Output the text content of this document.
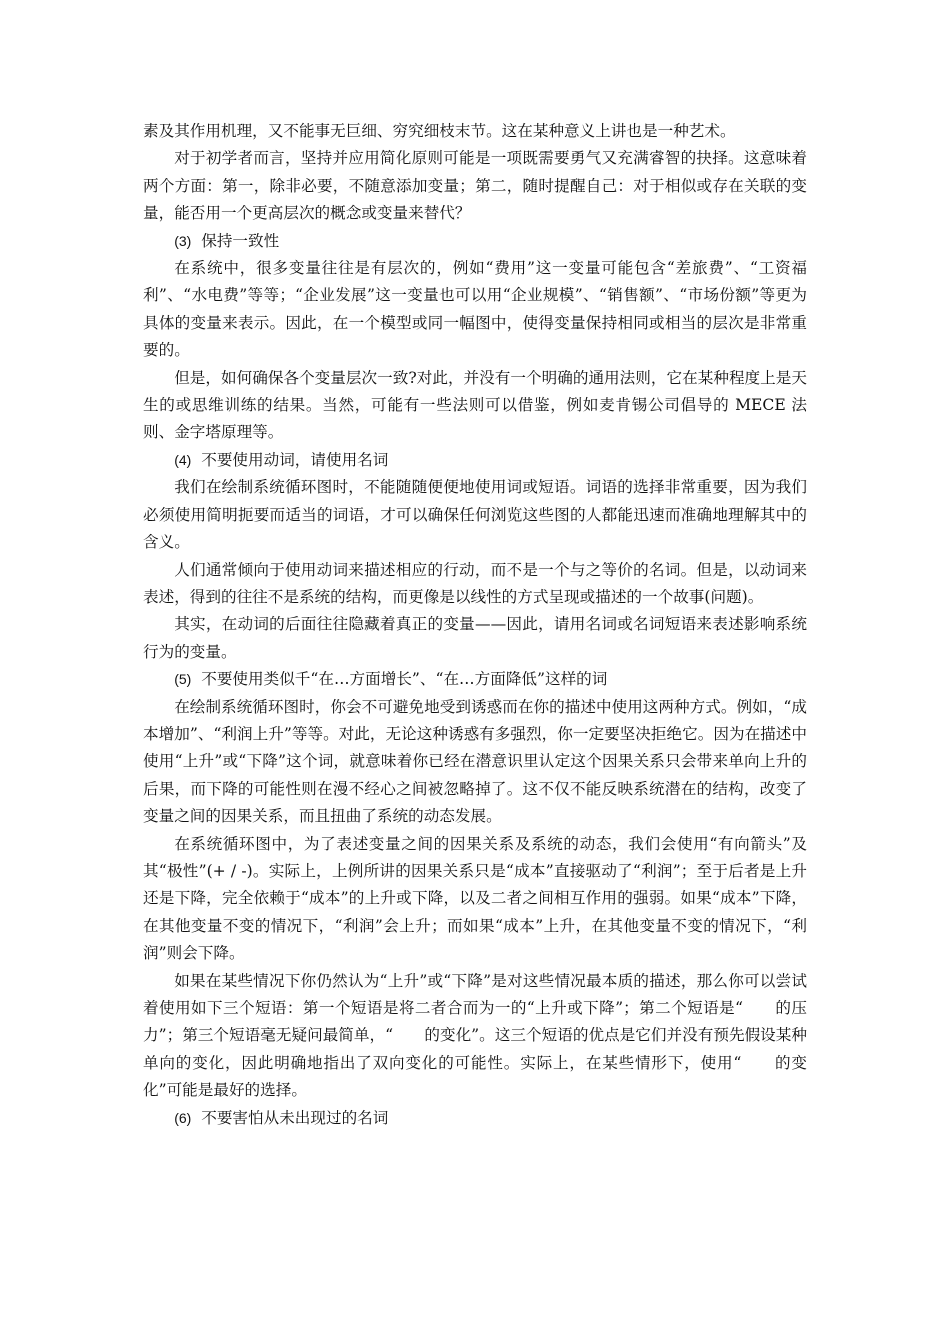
素及其作用机理，又不能事无巨细、穷究细枝末节。这在某种意义上讲也是一种艺术。

对于初学者而言，坚持并应用简化原则可能是一项既需要勇气又充满睿智的抉择。这意味着两个方面：第一，除非必要，不随意添加变量；第二，随时提醒自己：对于相似或存在关联的变量，能否用一个更高层次的概念或变量来替代？

(3) 保持一致性

在系统中，很多变量往往是有层次的，例如“费用”这一变量可能包含“差旅费”、“工资福利”、“水电费”等等；“企业发展”这一变量也可以用“企业规模”、“销售额”、“市场份额”等更为具体的变量来表示。因此，在一个模型或同一幅图中，使得变量保持相同或相当的层次是非常重要的。

但是，如何确保各个变量层次一致?对此，并没有一个明确的通用法则，它在某种程度上是天生的或思维训练的结果。当然，可能有一些法则可以借鉴，例如麦肯锡公司倡导的 MECE 法则、金字塔原理等。

(4) 不要使用动词，请使用名词

我们在绘制系统循环图时，不能随随便便地使用词或短语。词语的选择非常重要，因为我们必须使用简明扼要而适当的词语，才可以确保任何浏览这些图的人都能迅速而准确地理解其中的含义。

人们通常倾向于使用动词来描述相应的行动，而不是一个与之等价的名词。但是，以动词来表述，得到的往往不是系统的结构，而更像是以线性的方式呈现或描述的一个故事(问题)。

其实，在动词的后面往往隐藏着真正的变量——因此，请用名词或名词短语来表述影响系统行为的变量。

(5) 不要使用类似千“在…方面增长”、“在…方面降低”这样的词

在绘制系统循环图时，你会不可避免地受到诱惑而在你的描述中使用这两种方式。例如，“成本增加”、“利润上升”等等。对此，无论这种诱惑有多强烈，你一定要坚决拒绝它。因为在描述中使用“上升”或“下降”这个词，就意味着你已经在潜意识里认定这个因果关系只会带来单向上升的后果，而下降的可能性则在漫不经心之间被忽略掉了。这不仅不能反映系统潜在的结构，改变了变量之间的因果关系，而且扭曲了系统的动态发展。

在系统循环图中，为了表述变量之间的因果关系及系统的动态，我们会使用“有向箭头”及其“极性”(+ / -)。实际上，上例所讲的因果关系只是“成本”直接驱动了“利润”；至于后者是上升还是下降，完全依赖于“成本”的上升或下降，以及二者之间相互作用的强弱。如果“成本”下降，在其他变量不变的情况下，“利润”会上升；而如果“成本”上升，在其他变量不变的情况下，“利润”则会下降。

如果在某些情况下你仍然认为“上升”或“下降”是对这些情况最本质的描述，那么你可以尝试着使用如下三个短语：第一个短语是将二者合而为一的“上升或下降”；第二个短语是“　　的压力”；第三个短语毫无疑问最简单，“　　的变化”。这三个短语的优点是它们并没有预先假设某种单向的变化，因此明确地指出了双向变化的可能性。实际上，在某些情形下，使用“　　的变化”可能是最好的选择。

(6) 不要害怕从未出现过的名词
